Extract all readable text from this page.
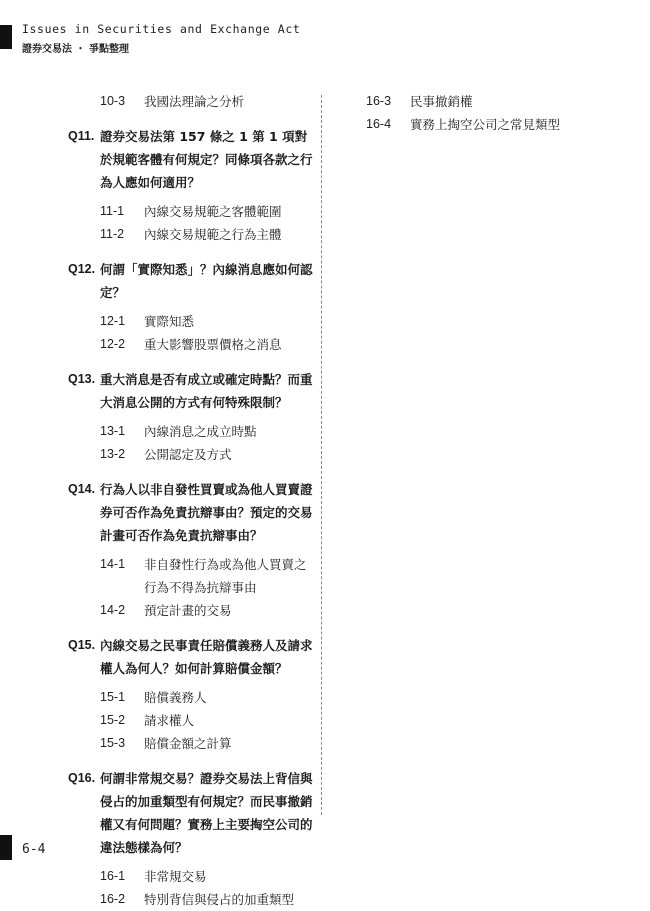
Issues in Securities and Exchange Act
證券交易法 ・ 爭點整理
10-3	我國法理論之分析
Q11. 證券交易法第 157 條之 1 第 1 項對於規範客體有何規定？同條項各款之行為人應如何適用？
11-1	內線交易規範之客體範圍
11-2	內線交易規範之行為主體
Q12. 何謂「實際知悉」？內線消息應如何認定？
12-1	實際知悉
12-2	重大影響股票價格之消息
Q13. 重大消息是否有成立或確定時點？而重大消息公開的方式有何特殊限制？
13-1	內線消息之成立時點
13-2	公開認定及方式
Q14. 行為人以非自發性買賣或為他人買賣證券可否作為免責抗辯事由？預定的交易計畫可否作為免責抗辯事由？
14-1	非自發性行為或為他人買賣之行為不得為抗辯事由
14-2	預定計畫的交易
Q15. 內線交易之民事責任賠償義務人及請求權人為何人？如何計算賠償金額？
15-1	賠償義務人
15-2	請求權人
15-3	賠償金額之計算
Q16. 何謂非常規交易？證券交易法上背信與侵占的加重類型有何規定？而民事撤銷權又有何問題？實務上主要掏空公司的違法態樣為何？
16-1	非常規交易
16-2	特別背信與侵占的加重類型
16-3	民事撤銷權
16-4	實務上掏空公司之常見類型
6-4
